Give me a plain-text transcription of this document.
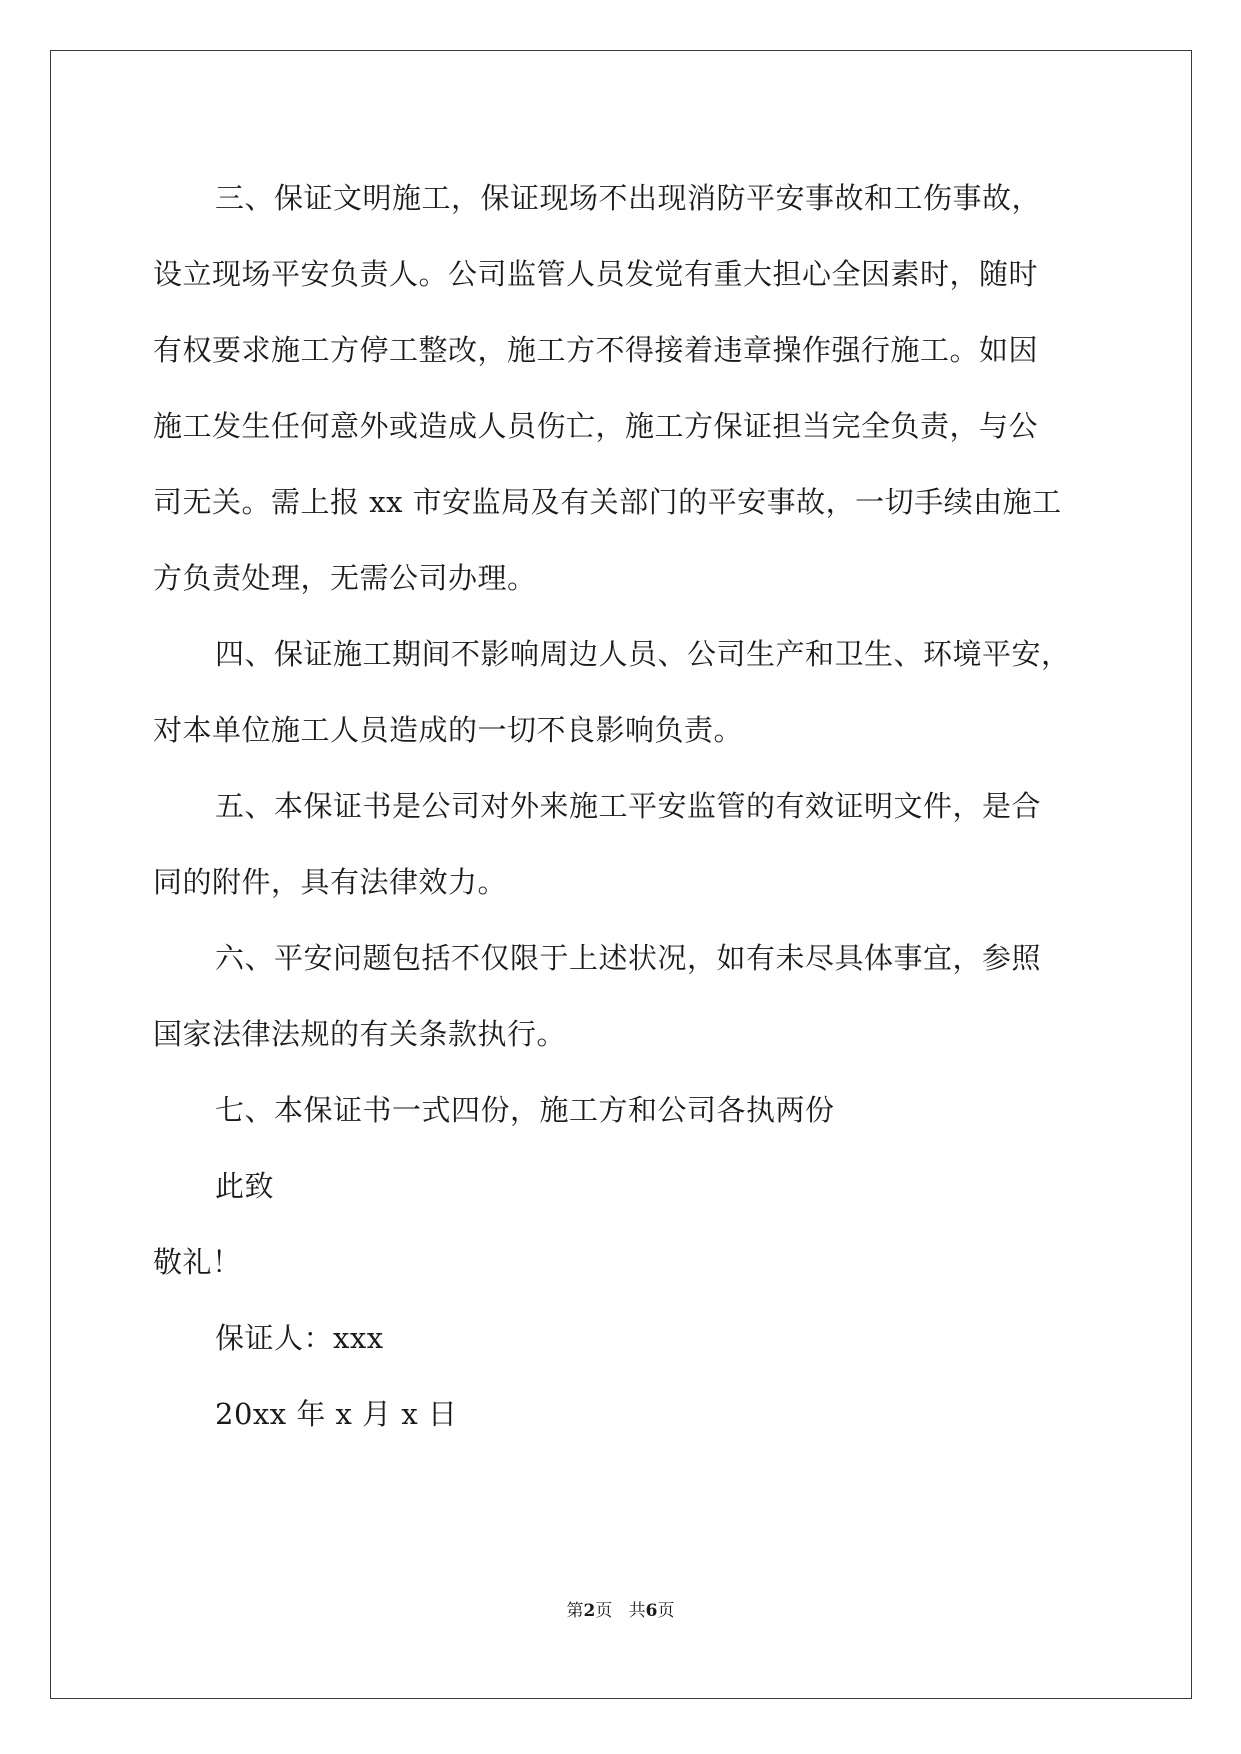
三、保证文明施工，保证现场不出现消防平安事故和工伤事故，
设立现场平安负责人。公司监管人员发觉有重大担心全因素时，随时
有权要求施工方停工整改，施工方不得接着违章操作强行施工。如因
施工发生任何意外或造成人员伤亡，施工方保证担当完全负责，与公
司无关。需上报 xx 市安监局及有关部门的平安事故，一切手续由施工
方负责处理，无需公司办理。
四、保证施工期间不影响周边人员、公司生产和卫生、环境平安，
对本单位施工人员造成的一切不良影响负责。
五、本保证书是公司对外来施工平安监管的有效证明文件，是合
同的附件，具有法律效力。
六、平安问题包括不仅限于上述状况，如有未尽具体事宜，参照
国家法律法规的有关条款执行。
七、本保证书一式四份，施工方和公司各执两份
此致
敬礼！
保证人：xxx
20xx 年 x 月 x 日
第2页   共6页
